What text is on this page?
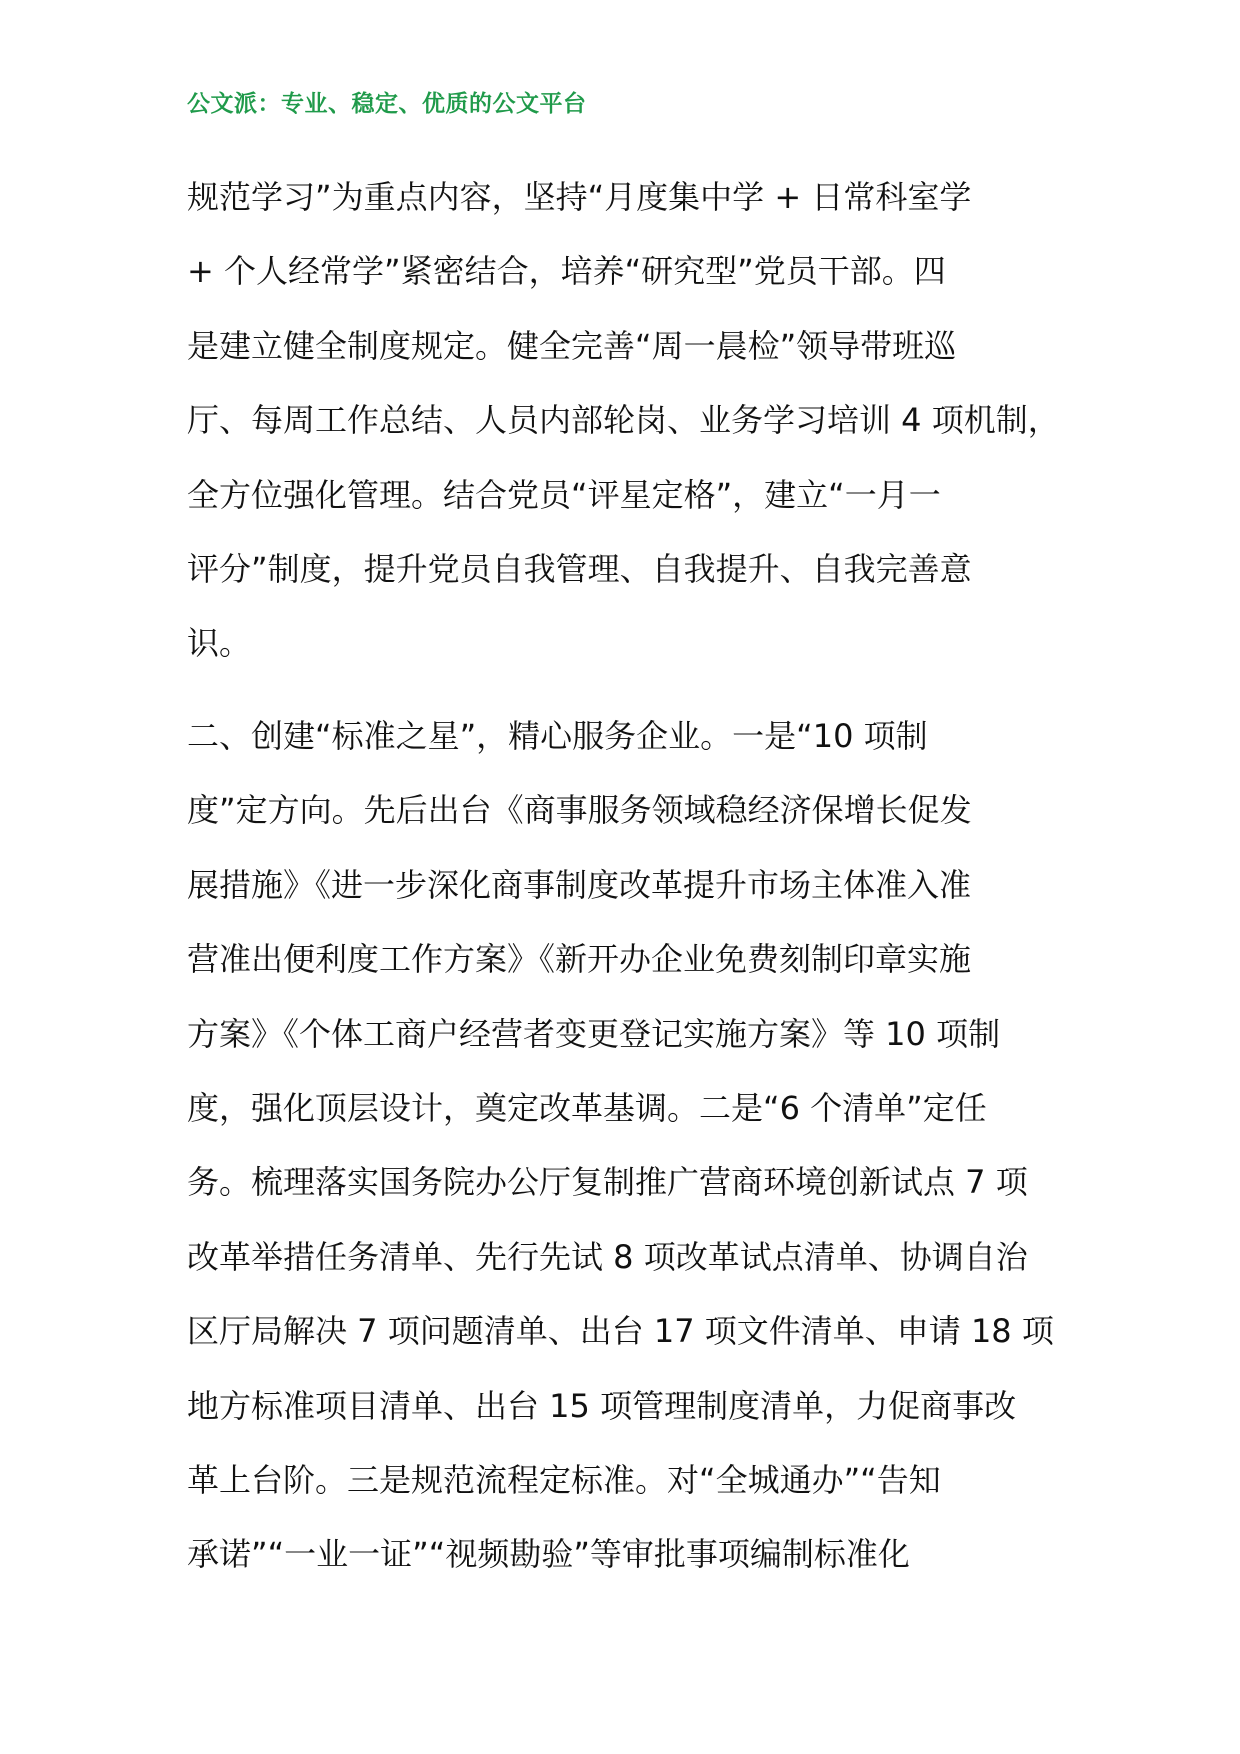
公文派：专业、稳定、优质的公文平台
规范学习”为重点内容，坚持“月度集中学 + 日常科室学
+ 个人经常学”紧密结合，培养“研究型”党员干部。四
是建立健全制度规定。健全完善“周一晨检”领导带班巡
厅、每周工作总结、人员内部轮岗、业务学习培训 4 项机制，
全方位强化管理。结合党员“评星定格”，建立“一月一
评分”制度，提升党员自我管理、自我提升、自我完善意
识。
二、创建“标准之星”，精心服务企业。一是“10 项制
度”定方向。先后出台《商事服务领域稳经济保增长促发
展措施》《进一步深化商事制度改革提升市场主体准入准
营准出便利度工作方案》《新开办企业免费刻制印章实施
方案》《个体工商户经营者变更登记实施方案》等 10 项制
度，强化顶层设计，奠定改革基调。二是“6 个清单”定任
务。梳理落实国务院办公厅复制推广营商环境创新试点 7 项
改革举措任务清单、先行先试 8 项改革试点清单、协调自治
区厅局解决 7 项问题清单、出台 17 项文件清单、申请 18 项
地方标准项目清单、出台 15 项管理制度清单，力促商事改
革上台阶。三是规范流程定标准。对“全城通办”“告知
承诺”“一业一证”“视频勘验”等审批事项编制标准化
